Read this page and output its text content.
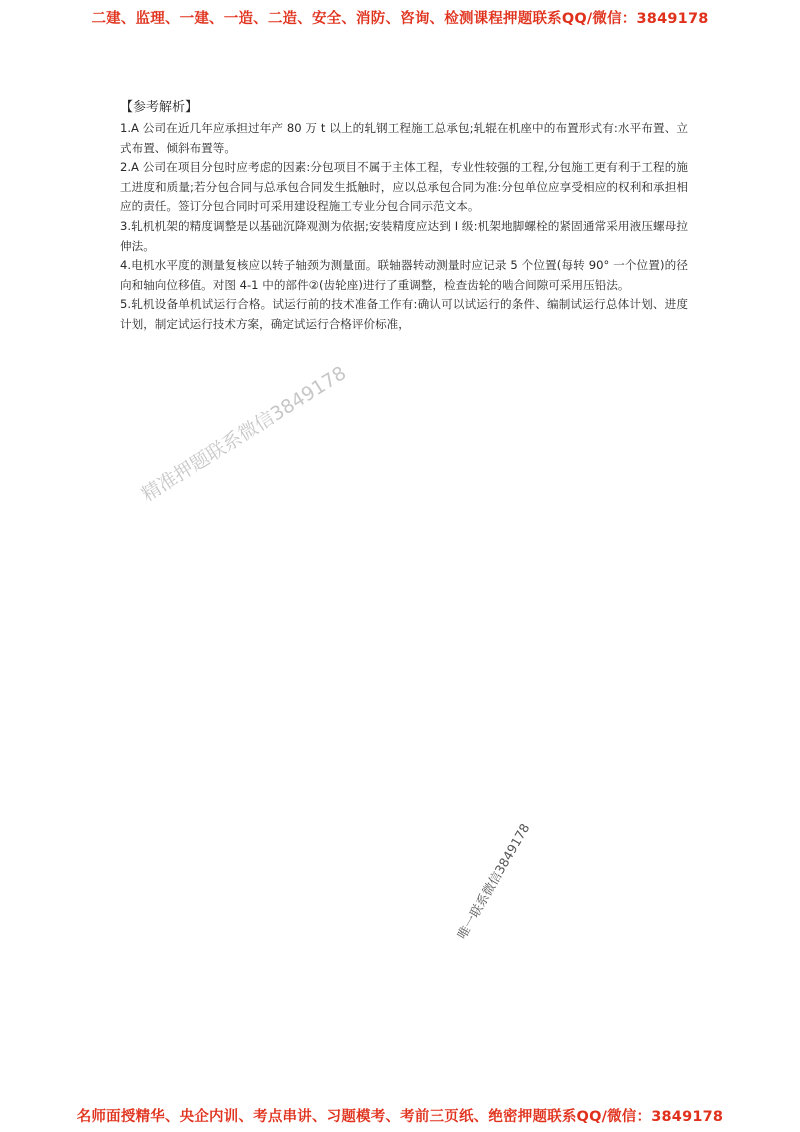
二建、监理、一建、一造、二造、安全、消防、咨询、检测课程押题联系QQ/微信：3849178
【参考解析】

1.A 公司在近几年应承担过年产 80 万 t 以上的轧钢工程施工总承包;轧辊在机座中的布置形式有:水平布置、立式布置、倾斜布置等。

2.A 公司在项目分包时应考虑的因素:分包项目不属于主体工程，专业性较强的工程,分包施工更有利于工程的施工进度和质量;若分包合同与总承包合同发生抵触时，应以总承包合同为准:分包单位应享受相应的权利和承担相应的责任。签订分包合同时可采用建设程施工专业分包合同示范文本。

3.轧机机架的精度调整是以基础沉降观测为依据;安装精度应达到 I 级:机架地脚螺栓的紧固通常采用液压螺母拉伸法。

4.电机水平度的测量复核应以转子轴颈为测量面。联轴器转动测量时应记录 5 个位置(每转 90° 一个位置)的径向和轴向位移值。对图 4-1 中的部件②(齿轮座)进行了重调整，检查齿轮的啮合间隙可采用压铅法。

5.轧机设备单机试运行合格。试运行前的技术准备工作有:确认可以试运行的条件、编制试运行总体计划、进度计划，制定试运行技术方案，确定试运行合格评价标准，

精准押题联系微信3849178
唯一联系微信3849178
名师面授精华、央企内训、考点串讲、习题模考、考前三页纸、绝密押题联系QQ/微信：3849178
